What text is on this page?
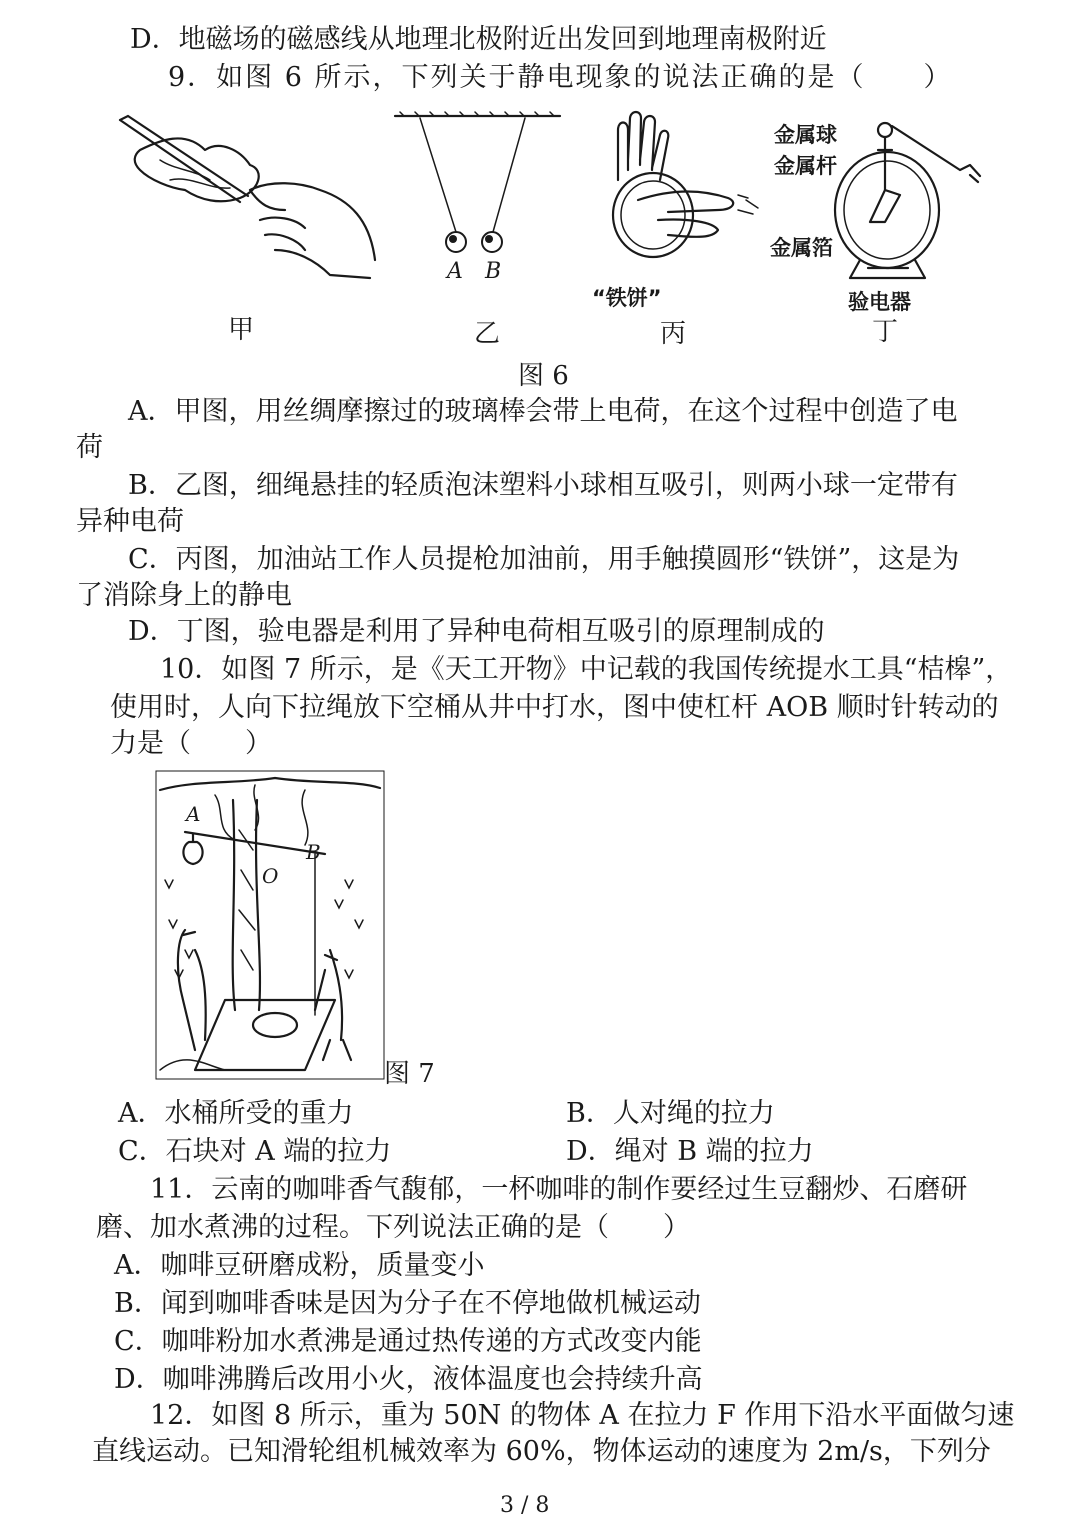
D．地磁场的磁感线从地理北极附近出发回到地理南极附近
9．如图 6 所示，下列关于静电现象的说法正确的是（　　）
甲
A B
乙
“铁饼”
丙
金属球
金属杆
金属箔
验电器
丁
图 6
A．甲图，用丝绸摩擦过的玻璃棒会带上电荷，在这个过程中创造了电
荷
B．乙图，细绳悬挂的轻质泡沫塑料小球相互吸引，则两小球一定带有
异种电荷
C．丙图，加油站工作人员提枪加油前，用手触摸圆形“铁饼”，这是为
了消除身上的静电
D．丁图，验电器是利用了异种电荷相互吸引的原理制成的
10．如图 7 所示，是《天工开物》中记载的我国传统提水工具“桔槔”，
使用时，人向下拉绳放下空桶从井中打水，图中使杠杆 AOB 顺时针转动的
力是（　　）
A
B
O
图 7
A．水桶所受的重力	B．人对绳的拉力
C．石块对 A 端的拉力	D．绳对 B 端的拉力
11．云南的咖啡香气馥郁，一杯咖啡的制作要经过生豆翻炒、石磨研
磨、加水煮沸的过程。下列说法正确的是（　　）
A．咖啡豆研磨成粉，质量变小
B．闻到咖啡香味是因为分子在不停地做机械运动
C．咖啡粉加水煮沸是通过热传递的方式改变内能
D．咖啡沸腾后改用小火，液体温度也会持续升高
12．如图 8 所示，重为 50N 的物体 A 在拉力 F 作用下沿水平面做匀速
直线运动。已知滑轮组机械效率为 60%，物体运动的速度为 2m/s，下列分
3 / 8
